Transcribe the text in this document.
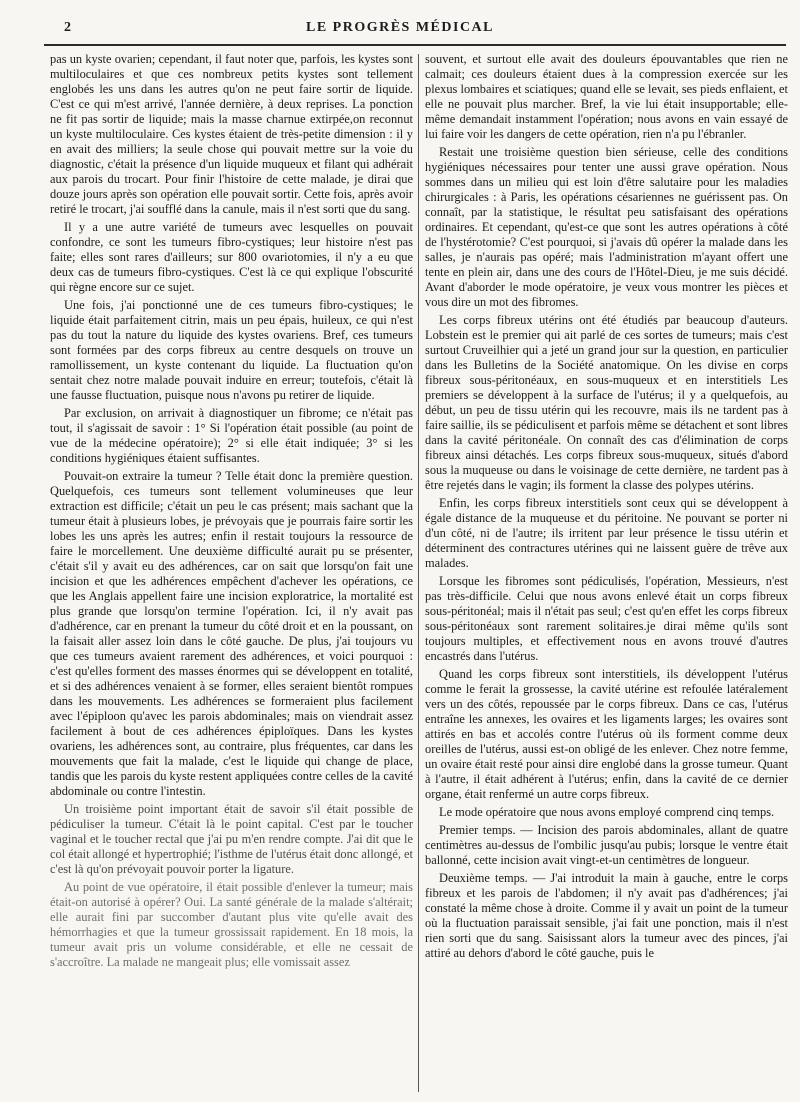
2	LE PROGRÈS MÉDICAL

pas un kyste ovarien; cependant, il faut noter que, parfois, les kystes sont multiloculaires et que ces nombreux petits kystes sont tellement englobés les uns dans les autres qu'on ne peut faire sortir de liquide. C'est ce qui m'est arrivé, l'année dernière, à deux reprises. La ponction ne fit pas sortir de liquide; mais la masse charnue extirpée,on reconnut un kyste multiloculaire. Ces kystes étaient de très-petite dimension : il y en avait des milliers; la seule chose qui pouvait mettre sur la voie du diagnostic, c'était la présence d'un liquide muqueux et filant qui adhérait aux parois du trocart. Pour finir l'histoire de cette malade, je dirai que douze jours après son opération elle pouvait sortir. Cette fois, après avoir retiré le trocart, j'ai soufflé dans la canule, mais il n'est sorti que du sang.

Il y a une autre variété de tumeurs avec lesquelles on pouvait confondre, ce sont les tumeurs fibro-cystiques; leur histoire n'est pas faite; elles sont rares d'ailleurs; sur 800 ovariotomies, il n'y a eu que deux cas de tumeurs fibro-cystiques. C'est là ce qui explique l'obscurité qui règne encore sur ce sujet.

Une fois, j'ai ponctionné une de ces tumeurs fibro-cystiques; le liquide était parfaitement citrin, mais un peu épais, huileux, ce qui n'est pas du tout la nature du liquide des kystes ovariens. Bref, ces tumeurs sont formées par des corps fibreux au centre desquels on trouve un ramollissement, un kyste contenant du liquide. La fluctuation qu'on sentait chez notre malade pouvait induire en erreur; toutefois, c'était là une fausse fluctuation, puisque nous n'avons pu retirer de liquide.

Par exclusion, on arrivait à diagnostiquer un fibrome; ce n'était pas tout, il s'agissait de savoir : 1° Si l'opération était possible (au point de vue de la médecine opératoire); 2° si elle était indiquée; 3° si les conditions hygiéniques étaient suffisantes.

Pouvait-on extraire la tumeur ? Telle était donc la première question. Quelquefois, ces tumeurs sont tellement volumineuses que leur extraction est difficile; c'était un peu le cas présent; mais sachant que la tumeur était à plusieurs lobes, je prévoyais que je pourrais faire sortir les lobes les uns après les autres; enfin il restait toujours la ressource de faire le morcellement. Une deuxième difficulté aurait pu se présenter, c'était s'il y avait eu des adhérences, car on sait que lorsqu'on fait une incision et que les adhérences empêchent d'achever les opérations, ce que les Anglais appellent faire une incision exploratrice, la mortalité est plus grande que lorsqu'on termine l'opération. Ici, il n'y avait pas d'adhérence, car en prenant la tumeur du côté droit et en la poussant, on la faisait aller assez loin dans le côté gauche. De plus, j'ai toujours vu que ces tumeurs avaient rarement des adhérences, et voici pourquoi : c'est qu'elles forment des masses énormes qui se développent en totalité, et si des adhérences venaient à se former, elles seraient bientôt rompues dans les mouvements. Les adhérences se formeraient plus facilement avec l'épiploon qu'avec les parois abdominales; mais on viendrait assez facilement à bout de ces adhérences épiploïques. Dans les kystes ovariens, les adhérences sont, au contraire, plus fréquentes, car dans les mouvements que fait la malade, c'est le liquide qui change de place, tandis que les parois du kyste restent appliquées contre celles de la cavité abdominale ou contre l'intestin.

Un troisième point important était de savoir s'il était possible de pédiculiser la tumeur. C'était là le point capital. C'est par le toucher vaginal et le toucher rectal que j'ai pu m'en rendre compte. J'ai dit que le col était allongé et hypertrophié; l'isthme de l'utérus était donc allongé, et c'est là qu'on prévoyait pouvoir porter la ligature.

Au point de vue opératoire, il était possible d'enlever la tumeur; mais était-on autorisé à opérer? Oui. La santé générale de la malade s'altérait; elle aurait fini par succomber d'autant plus vite qu'elle avait des hémorrhagies et que la tumeur grossissait rapidement. En 18 mois, la tumeur avait pris un volume considérable, et elle ne cessait de s'accroître. La malade ne mangeait plus; elle vomissait assez

souvent, et surtout elle avait des douleurs épouvantables que rien ne calmait; ces douleurs étaient dues à la compression exercée sur les plexus lombaires et sciatiques; quand elle se levait, ses pieds enflaient, et elle ne pouvait plus marcher. Bref, la vie lui était insupportable; elle-même demandait instamment l'opération; nous avons en vain essayé de lui faire voir les dangers de cette opération, rien n'a pu l'ébranler.

Restait une troisième question bien sérieuse, celle des conditions hygiéniques nécessaires pour tenter une aussi grave opération. Nous sommes dans un milieu qui est loin d'être salutaire pour les maladies chirurgicales : à Paris, les opérations césariennes ne guérissent pas. On connaît, par la statistique, le résultat peu satisfaisant des opérations ordinaires. Et cependant, qu'est-ce que sont les autres opérations à côté de l'hystérotomie? C'est pourquoi, si j'avais dû opérer la malade dans les salles, je n'aurais pas opéré; mais l'administration m'ayant offert une tente en plein air, dans une des cours de l'Hôtel-Dieu, je me suis décidé. Avant d'aborder le mode opératoire, je veux vous montrer les pièces et vous dire un mot des fibromes.

Les corps fibreux utérins ont été étudiés par beaucoup d'auteurs. Lobstein est le premier qui ait parlé de ces sortes de tumeurs; mais c'est surtout Cruveilhier qui a jeté un grand jour sur la question, en particulier dans les Bulletins de la Société anatomique. On les divise en corps fibreux sous-péritonéaux, en sous-muqueux et en interstitiels Les premiers se développent à la surface de l'utérus; il y a quelquefois, au début, un peu de tissu utérin qui les recouvre, mais ils ne tardent pas à faire saillie, ils se pédiculisent et parfois même se détachent et sont libres dans la cavité péritonéale. On connaît des cas d'élimination de corps fibreux ainsi détachés. Les corps fibreux sous-muqueux, situés d'abord sous la muqueuse ou dans le voisinage de cette dernière, ne tardent pas à être rejetés dans le vagin; ils forment la classe des polypes utérins.

Enfin, les corps fibreux interstitiels sont ceux qui se développent à égale distance de la muqueuse et du péritoine. Ne pouvant se porter ni d'un côté, ni de l'autre; ils irritent par leur présence le tissu utérin et déterminent des contractures utérines qui ne laissent guère de trêve aux malades.

Lorsque les fibromes sont pédiculisés, l'opération, Messieurs, n'est pas très-difficile. Celui que nous avons enlevé était un corps fibreux sous-péritonéal; mais il n'était pas seul; c'est qu'en effet les corps fibreux sous-péritonéaux sont rarement solitaires.je dirai même qu'ils sont toujours multiples, et effectivement nous en avons trouvé d'autres encastrés dans l'utérus.

Quand les corps fibreux sont interstitiels, ils développent l'utérus comme le ferait la grossesse, la cavité utérine est refoulée latéralement vers un des côtés, repoussée par le corps fibreux. Dans ce cas, l'utérus entraîne les annexes, les ovaires et les ligaments larges; les ovaires sont attirés en bas et accolés contre l'utérus où ils forment comme deux oreilles de l'utérus, aussi est-on obligé de les enlever. Chez notre femme, un ovaire était resté pour ainsi dire englobé dans la grosse tumeur. Quant à l'autre, il était adhérent à l'utérus; enfin, dans la cavité de ce dernier organe, était renfermé un autre corps fibreux.

Le mode opératoire que nous avons employé comprend cinq temps.

Premier temps. — Incision des parois abdominales, allant de quatre centimètres au-dessus de l'ombilic jusqu'au pubis; lorsque le ventre était ballonné, cette incision avait vingt-et-un centimètres de longueur.

Deuxième temps. — J'ai introduit la main à gauche, entre le corps fibreux et les parois de l'abdomen; il n'y avait pas d'adhérences; j'ai constaté la même chose à droite. Comme il y avait un point de la tumeur où la fluctuation paraissait sensible, j'ai fait une ponction, mais il n'est rien sorti que du sang. Saisissant alors la tumeur avec des pinces, j'ai attiré au dehors d'abord le côté gauche, puis le
